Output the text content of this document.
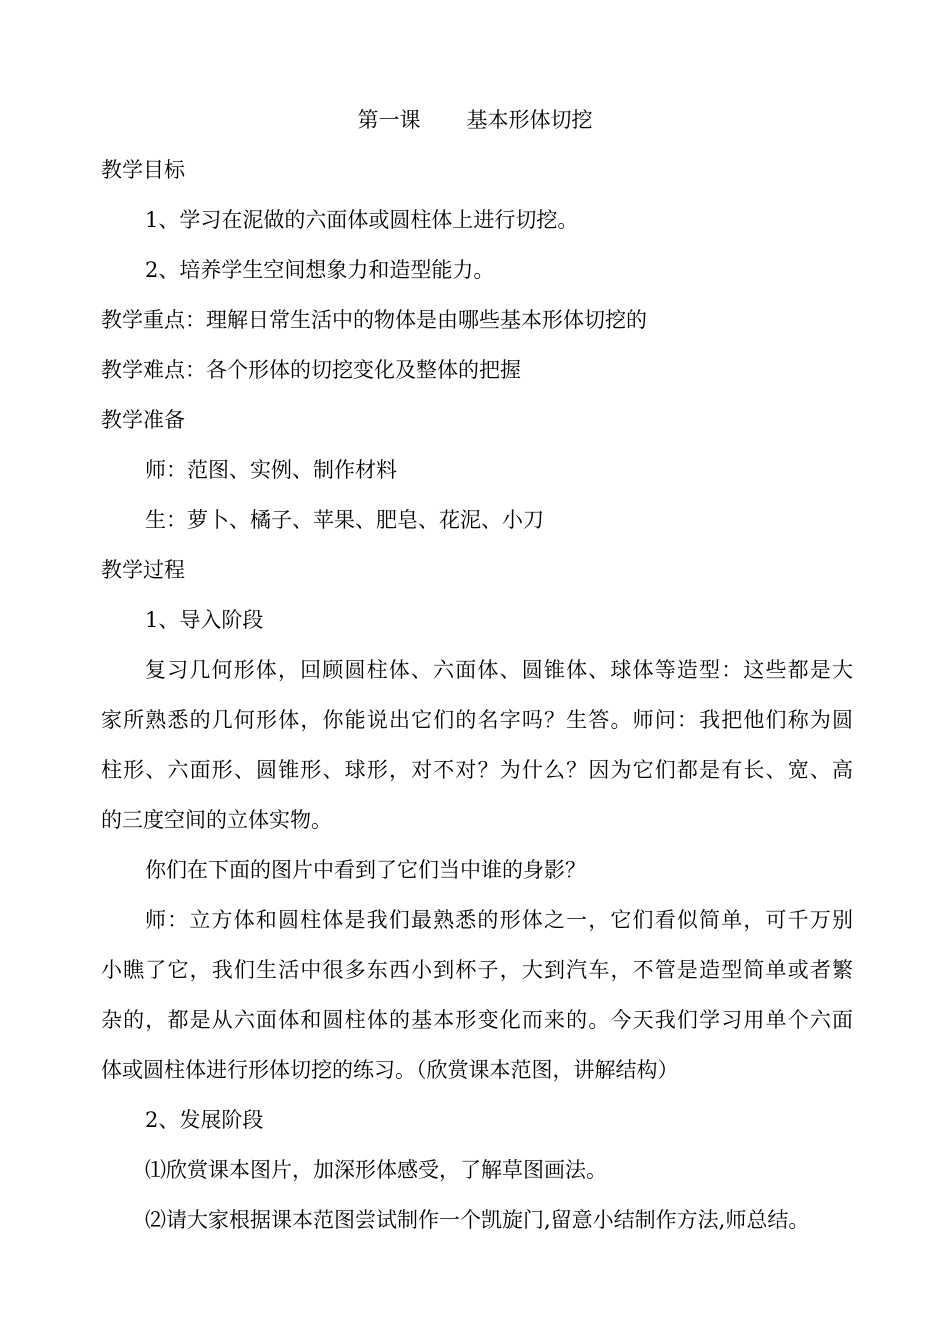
第一课 基本形体切挖
教学目标
1、学习在泥做的六面体或圆柱体上进行切挖。
2、培养学生空间想象力和造型能力。
教学重点：理解日常生活中的物体是由哪些基本形体切挖的
教学难点：各个形体的切挖变化及整体的把握
教学准备
师：范图、实例、制作材料
生：萝卜、橘子、苹果、肥皂、花泥、小刀
教学过程
1、导入阶段
复习几何形体，回顾圆柱体、六面体、圆锥体、球体等造型：这些都是大
家所熟悉的几何形体，你能说出它们的名字吗？生答。师问：我把他们称为圆
柱形、六面形、圆锥形、球形，对不对？为什么？因为它们都是有长、宽、高
的三度空间的立体实物。
你们在下面的图片中看到了它们当中谁的身影？
师：立方体和圆柱体是我们最熟悉的形体之一，它们看似简单，可千万别
小瞧了它，我们生活中很多东西小到杯子，大到汽车，不管是造型简单或者繁
杂的，都是从六面体和圆柱体的基本形变化而来的。今天我们学习用单个六面
体或圆柱体进行形体切挖的练习。（欣赏课本范图，讲解结构）
2、发展阶段
⑴欣赏课本图片，加深形体感受，了解草图画法。
⑵请大家根据课本范图尝试制作一个凯旋门,留意小结制作方法,师总结。
